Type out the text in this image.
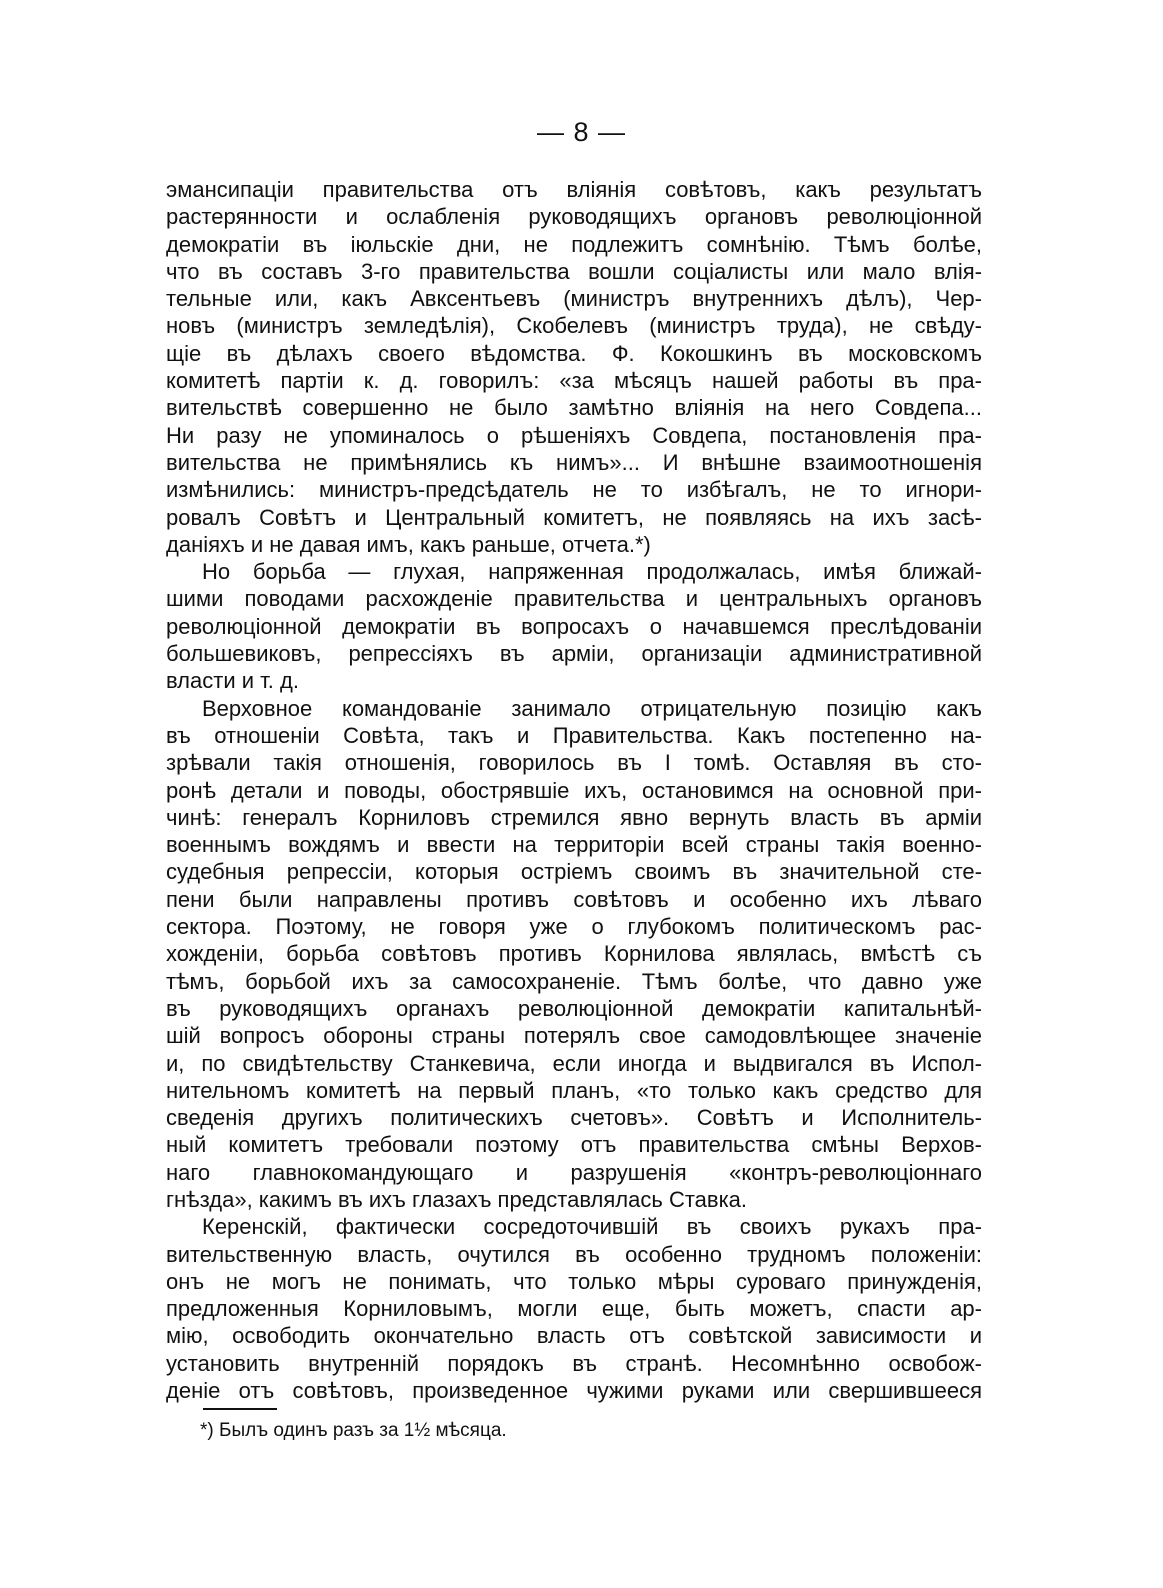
— 8 —
эмансипаціи правительства отъ вліянія совѣтовъ, какъ результатъ
растерянности и ослабленія руководящихъ органовъ революціонной
демократіи въ іюльскіе дни, не подлежитъ сомнѣнію. Тѣмъ болѣе,
что въ составъ 3-го правительства вошли соціалисты или мало влія-
тельные или, какъ Авксентьевъ (министръ внутреннихъ дѣлъ), Чер-
новъ (министръ земледѣлія), Скобелевъ (министръ труда), не свѣду-
щіе въ дѣлахъ своего вѣдомства. Ф. Кокошкинъ въ московскомъ
комитетѣ партіи к. д. говорилъ: «за мѣсяцъ нашей работы въ пра-
вительствѣ совершенно не было замѣтно вліянія на него Совдепа...
Ни разу не упоминалось о рѣшеніяхъ Совдепа, постановленія пра-
вительства не примѣнялись къ нимъ»... И внѣшне взаимоотношенія
измѣнились: министръ-предсѣдатель не то избѣгалъ, не то игнори-
ровалъ Совѣтъ и Центральный комитетъ, не появляясь на ихъ засѣ-
даніяхъ и не давая имъ, какъ раньше, отчета.*)
Но борьба — глухая, напряженная продолжалась, имѣя ближай-
шими поводами расхожденіе правительства и центральныхъ органовъ
революціонной демократіи въ вопросахъ о начавшемся преслѣдованіи
большевиковъ, репрессіяхъ въ арміи, организаціи административной
власти и т. д.
Верховное командованіе занимало отрицательную позицію какъ
въ отношеніи Совѣта, такъ и Правительства. Какъ постепенно на-
зрѣвали такія отношенія, говорилось въ I томѣ. Оставляя въ сто-
ронѣ детали и поводы, обострявшіе ихъ, остановимся на основной при-
чинѣ: генералъ Корниловъ стремился явно вернуть власть въ арміи
военнымъ вождямъ и ввести на территоріи всей страны такія военно-
судебныя репрессіи, которыя остріемъ своимъ въ значительной сте-
пени были направлены противъ совѣтовъ и особенно ихъ лѣваго
сектора. Поэтому, не говоря уже о глубокомъ политическомъ рас-
хожденіи, борьба совѣтовъ противъ Корнилова являлась, вмѣстѣ съ
тѣмъ, борьбой ихъ за самосохраненіе. Тѣмъ болѣе, что давно уже
въ руководящихъ органахъ революціонной демократіи капитальнѣй-
шій вопросъ обороны страны потерялъ свое самодовлѣющее значеніе
и, по свидѣтельству Станкевича, если иногда и выдвигался въ Испол-
нительномъ комитетѣ на первый планъ, «то только какъ средство для
сведенія другихъ политическихъ счетовъ». Совѣтъ и Исполнитель-
ный комитетъ требовали поэтому отъ правительства смѣны Верхов-
наго главнокомандующаго и разрушенія «контръ-революціоннаго
гнѣзда», какимъ въ ихъ глазахъ представлялась Ставка.
Керенскій, фактически сосредоточившій въ своихъ рукахъ пра-
вительственную власть, очутился въ особенно трудномъ положеніи:
онъ не могъ не понимать, что только мѣры суроваго принужденія,
предложенныя Корниловымъ, могли еще, быть можетъ, спасти ар-
мію, освободить окончательно власть отъ совѣтской зависимости и
установить внутренній порядокъ въ странѣ. Несомнѣнно освобож-
деніе отъ совѣтовъ, произведенное чужими руками или свершившееся
*) Былъ одинъ разъ за 1½ мѣсяца.
